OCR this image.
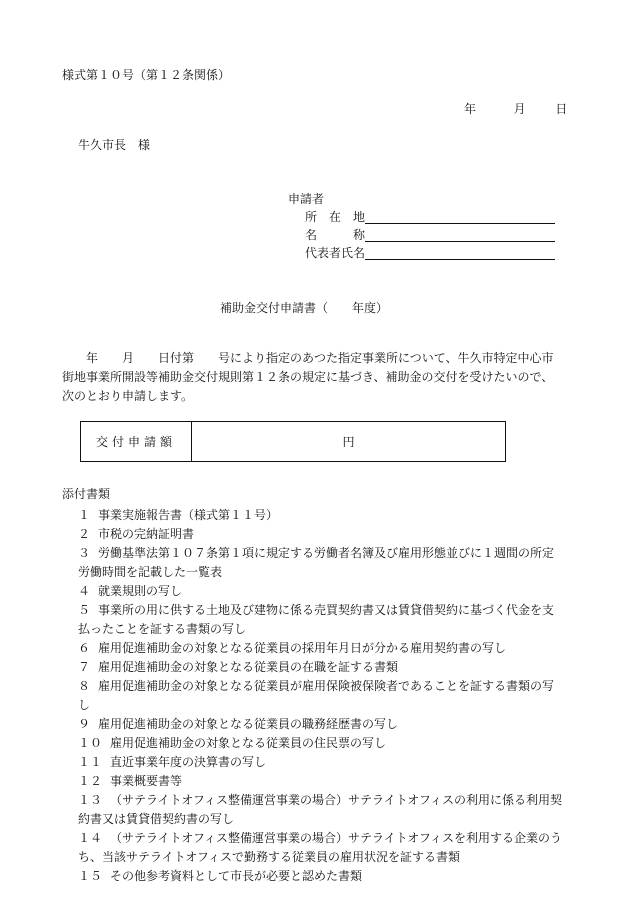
様式第１０号（第１２条関係）
年	月 日
牛久市長　様
申請者
所　在　地
名　　　称
代表者氏名
補助金交付申請書（　　年度）
　　年　　月　　日付第　　号により指定のあつた指定事業所について、牛久市特定中心市街地事業所開設等補助金交付規則第１２条の規定に基づき、補助金の交付を受けたいので、次のとおり申請します。
交付申請額	円
添付書類
１ 事業実施報告書（様式第１１号）
２ 市税の完納証明書
３ 労働基準法第１０７条第１項に規定する労働者名簿及び雇用形態並びに１週間の所定労働時間を記載した一覧表
４ 就業規則の写し
５ 事業所の用に供する土地及び建物に係る売買契約書又は賃貸借契約に基づく代金を支払ったことを証する書類の写し
６ 雇用促進補助金の対象となる従業員の採用年月日が分かる雇用契約書の写し
７ 雇用促進補助金の対象となる従業員の在職を証する書類
８ 雇用促進補助金の対象となる従業員が雇用保険被保険者であることを証する書類の写し
９ 雇用促進補助金の対象となる従業員の職務経歴書の写し
１０ 雇用促進補助金の対象となる従業員の住民票の写し
１１ 直近事業年度の決算書の写し
１２ 事業概要書等
１３ （サテライトオフィス整備運営事業の場合）サテライトオフィスの利用に係る利用契約書又は賃貸借契約書の写し
１４ （サテライトオフィス整備運営事業の場合）サテライトオフィスを利用する企業のうち、当該サテライトオフィスで勤務する従業員の雇用状況を証する書類
１５ その他参考資料として市長が必要と認めた書類
